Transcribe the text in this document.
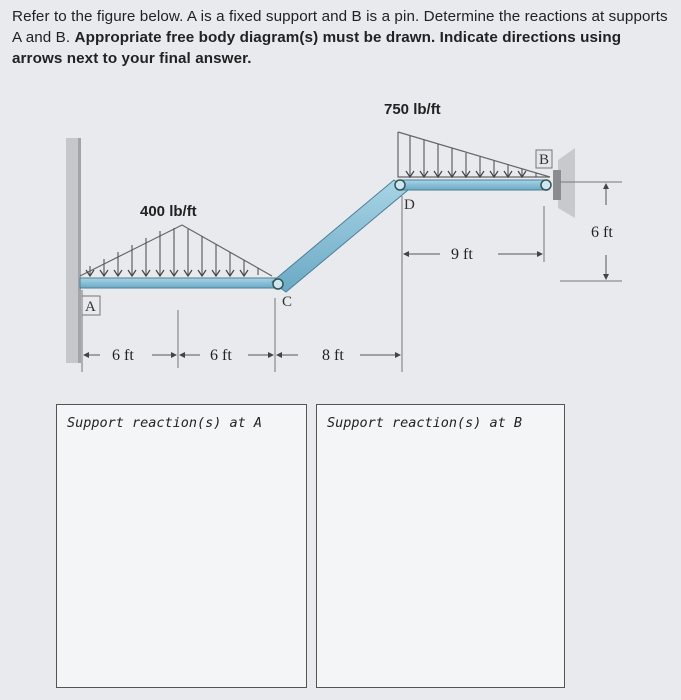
Refer to the figure below. A is a fixed support and B is a pin. Determine the reactions at supports A and B. Appropriate free body diagram(s) must be drawn. Indicate directions using arrows next to your final answer.
400 lb/ft
750 lb/ft
A	C
D
B
6 ft	6 ft	8 ft
9 ft
6 ft
Support reaction(s) at A	Support reaction(s) at B
